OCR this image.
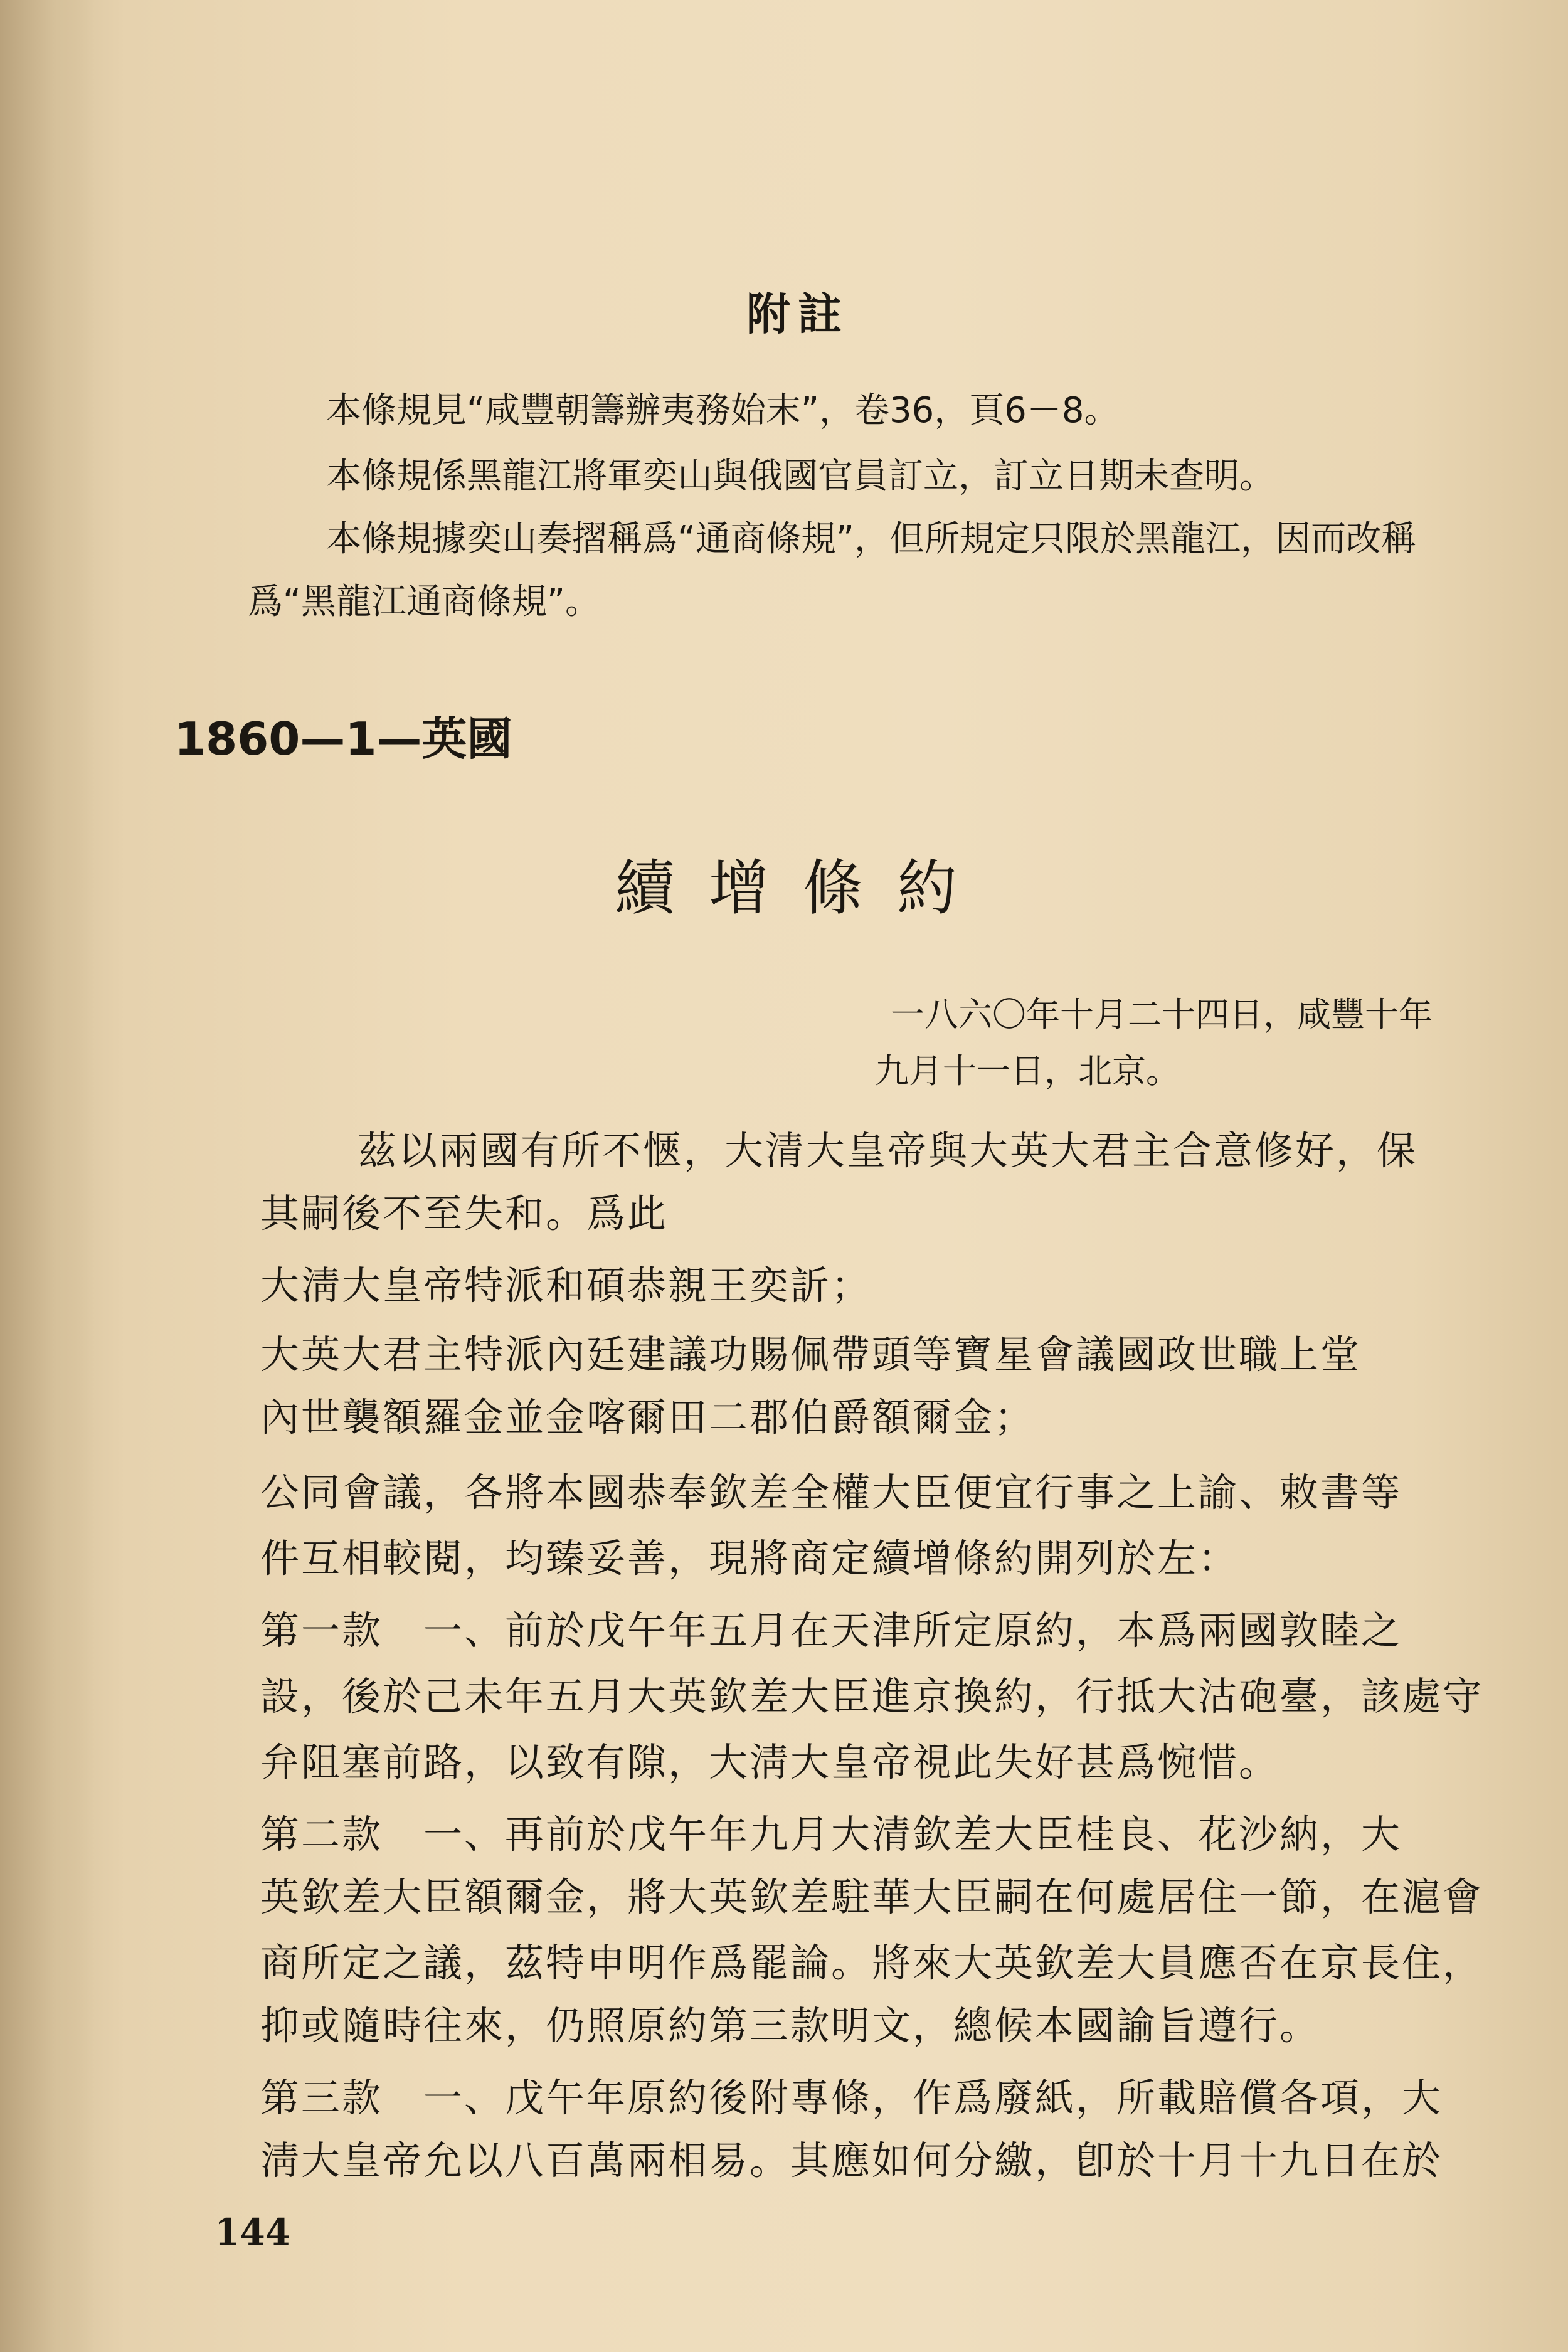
附註
本條規見“咸豐朝籌辦夷務始末”，卷36，頁6－8。
本條規係黑龍江將軍奕山與俄國官員訂立，訂立日期未查明。
本條規據奕山奏摺稱爲“通商條規”，但所規定只限於黑龍江，因而改稱
爲“黑龍江通商條規”。
1860—1—英國
續增條約
一八六〇年十月二十四日，咸豐十年
九月十一日，北京。
茲以兩國有所不愜，大清大皇帝與大英大君主合意修好，保
其嗣後不至失和。爲此
大淸大皇帝特派和碩恭親王奕訢；
大英大君主特派內廷建議功賜佩帶頭等寶星會議國政世職上堂
內世襲額羅金並金喀爾田二郡伯爵額爾金；
公同會議，各將本國恭奉欽差全權大臣便宜行事之上諭、敕書等
件互相較閱，均臻妥善，現將商定續增條約開列於左：
第一款　一、前於戊午年五月在天津所定原約，本爲兩國敦睦之
設，後於己未年五月大英欽差大臣進京換約，行抵大沽砲臺，該處守
弁阻塞前路，以致有隙，大淸大皇帝視此失好甚爲惋惜。
第二款　一、再前於戊午年九月大清欽差大臣桂良、花沙納，大
英欽差大臣額爾金，將大英欽差駐華大臣嗣在何處居住一節，在滬會
商所定之議，茲特申明作爲罷論。將來大英欽差大員應否在京長住，
抑或隨時往來，仍照原約第三款明文，總候本國諭旨遵行。
第三款　一、戊午年原約後附專條，作爲廢紙，所載賠償各項，大
淸大皇帝允以八百萬兩相易。其應如何分繳，卽於十月十九日在於
144
